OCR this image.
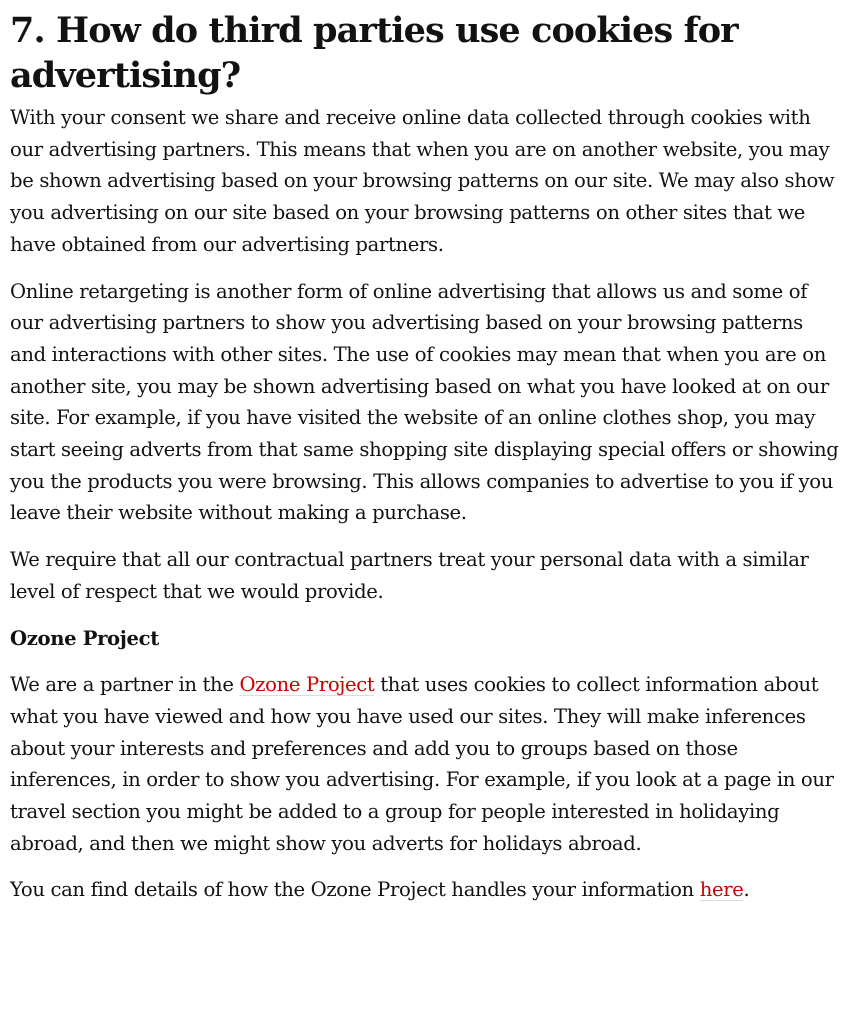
7. How do third parties use cookies for advertising?

With your consent we share and receive online data collected through cookies with our advertising partners. This means that when you are on another website, you may be shown advertising based on your browsing patterns on our site. We may also show you advertising on our site based on your browsing patterns on other sites that we have obtained from our advertising partners.

Online retargeting is another form of online advertising that allows us and some of our advertising partners to show you advertising based on your browsing patterns and interactions with other sites. The use of cookies may mean that when you are on another site, you may be shown advertising based on what you have looked at on our site. For example, if you have visited the website of an online clothes shop, you may start seeing adverts from that same shopping site displaying special offers or showing you the products you were browsing. This allows companies to advertise to you if you leave their website without making a purchase.

We require that all our contractual partners treat your personal data with a similar level of respect that we would provide.

Ozone Project

We are a partner in the Ozone Project that uses cookies to collect information about what you have viewed and how you have used our sites. They will make inferences about your interests and preferences and add you to groups based on those inferences, in order to show you advertising. For example, if you look at a page in our travel section you might be added to a group for people interested in holidaying abroad, and then we might show you adverts for holidays abroad.

You can find details of how the Ozone Project handles your information here.
